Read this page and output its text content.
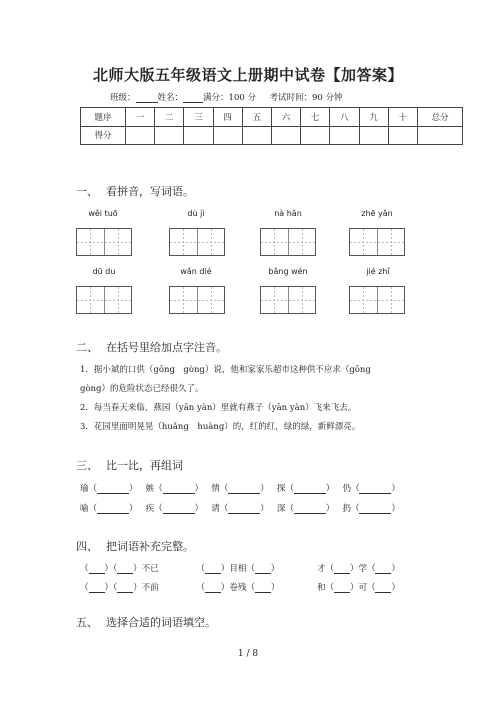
北师大版五年级语文上册期中试卷【加答案】
班级：	姓名： 满分：100 分 考试时间：90 分钟
题序	一	二	三	四	五	六	七	八	九	十	总分
得分											
一、 看拼音，写词语。
wěi tuō	dù jì	nà hǎn	zhē yǎn
dū du	wǎn dié	bǎng wén	jié zhǐ
二、 在括号里给加点字注音。
1．据小斌的口供（gōng　gòng）说，他和家家乐超市这种供不应求（gōng
gòng）的危险状态已经很久了。
2．每当春天来临，燕园（yān yàn）里就有燕子（yān yàn）飞来飞去。
3．花园里面明晃晃（huǎng　huàng）的，红的红，绿的绿，新鲜漂亮。
三、 比一比，再组词
瑜（	） 嫉（	） 情（	） 探（	） 仍（	）
喻（	） 疾（	） 请（	） 深（	） 扔（	）
四、 把词语补充完整。
（ ）（ ）不已	（ ）目相（ ）	才（ ）学（ ）
（ ）（ ）不前	（ ）卷残（ ）	和（ ）可（ ）
五、 选择合适的词语填空。
1 / 8
